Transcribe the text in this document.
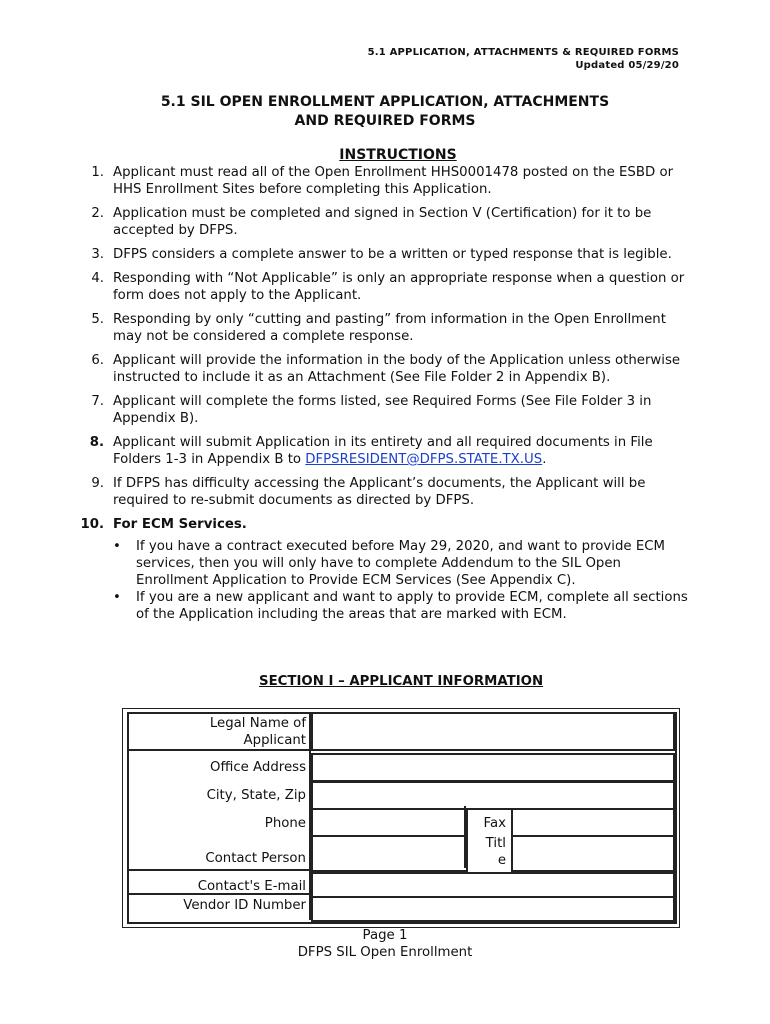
5.1 APPLICATION, ATTACHMENTS & REQUIRED FORMS
Updated 05/29/20
5.1 SIL OPEN ENROLLMENT APPLICATION, ATTACHMENTS
AND REQUIRED FORMS
INSTRUCTIONS
1. Applicant must read all of the Open Enrollment HHS0001478 posted on the ESBD or HHS Enrollment Sites before completing this Application.
2. Application must be completed and signed in Section V (Certification) for it to be accepted by DFPS.
3. DFPS considers a complete answer to be a written or typed response that is legible.
4. Responding with “Not Applicable” is only an appropriate response when a question or form does not apply to the Applicant.
5. Responding by only “cutting and pasting” from information in the Open Enrollment may not be considered a complete response.
6. Applicant will provide the information in the body of the Application unless otherwise instructed to include it as an Attachment (See File Folder 2 in Appendix B).
7. Applicant will complete the forms listed, see Required Forms (See File Folder 3 in Appendix B).
8. Applicant will submit Application in its entirety and all required documents in File Folders 1-3 in Appendix B to DFPSRESIDENT@DFPS.STATE.TX.US.
9. If DFPS has difficulty accessing the Applicant’s documents, the Applicant will be required to re-submit documents as directed by DFPS.
10. For ECM Services.
• If you have a contract executed before May 29, 2020, and want to provide ECM services, then you will only have to complete Addendum to the SIL Open Enrollment Application to Provide ECM Services (See Appendix C).
• If you are a new applicant and want to apply to provide ECM, complete all sections of the Application including the areas that are marked with ECM.
SECTION I – APPLICANT INFORMATION
Legal Name of
Applicant
Office Address
City, State, Zip
Phone	Fax
Contact Person
Titl
e
Contact's E-mail
Vendor ID Number
Page 1
DFPS SIL Open Enrollment
